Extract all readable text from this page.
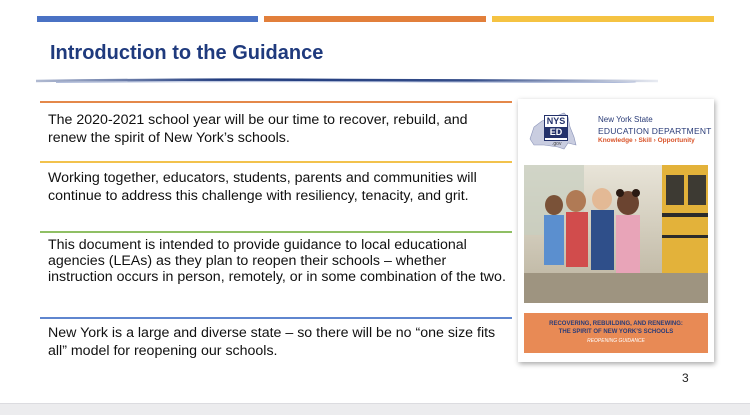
Introduction to the Guidance

The 2020-2021 school year will be our time to recover, rebuild, and renew the spirit of New York’s schools.

Working together, educators, students, parents and communities will continue to address this challenge with resiliency, tenacity, and grit.

This document is intended to provide guidance to local educational agencies (LEAs) as they plan to reopen their schools – whether instruction occurs in person, remotely, or in some combination of the two.

New York is a large and diverse state – so there will be no “one size fits all” model for reopening our schools.

NYS
ED
.gov
New York State
EDUCATION DEPARTMENT
Knowledge › Skill › Opportunity
RECOVERING, REBUILDING, AND RENEWING:
THE SPIRIT OF NEW YORK’S SCHOOLS
REOPENING GUIDANCE
3
